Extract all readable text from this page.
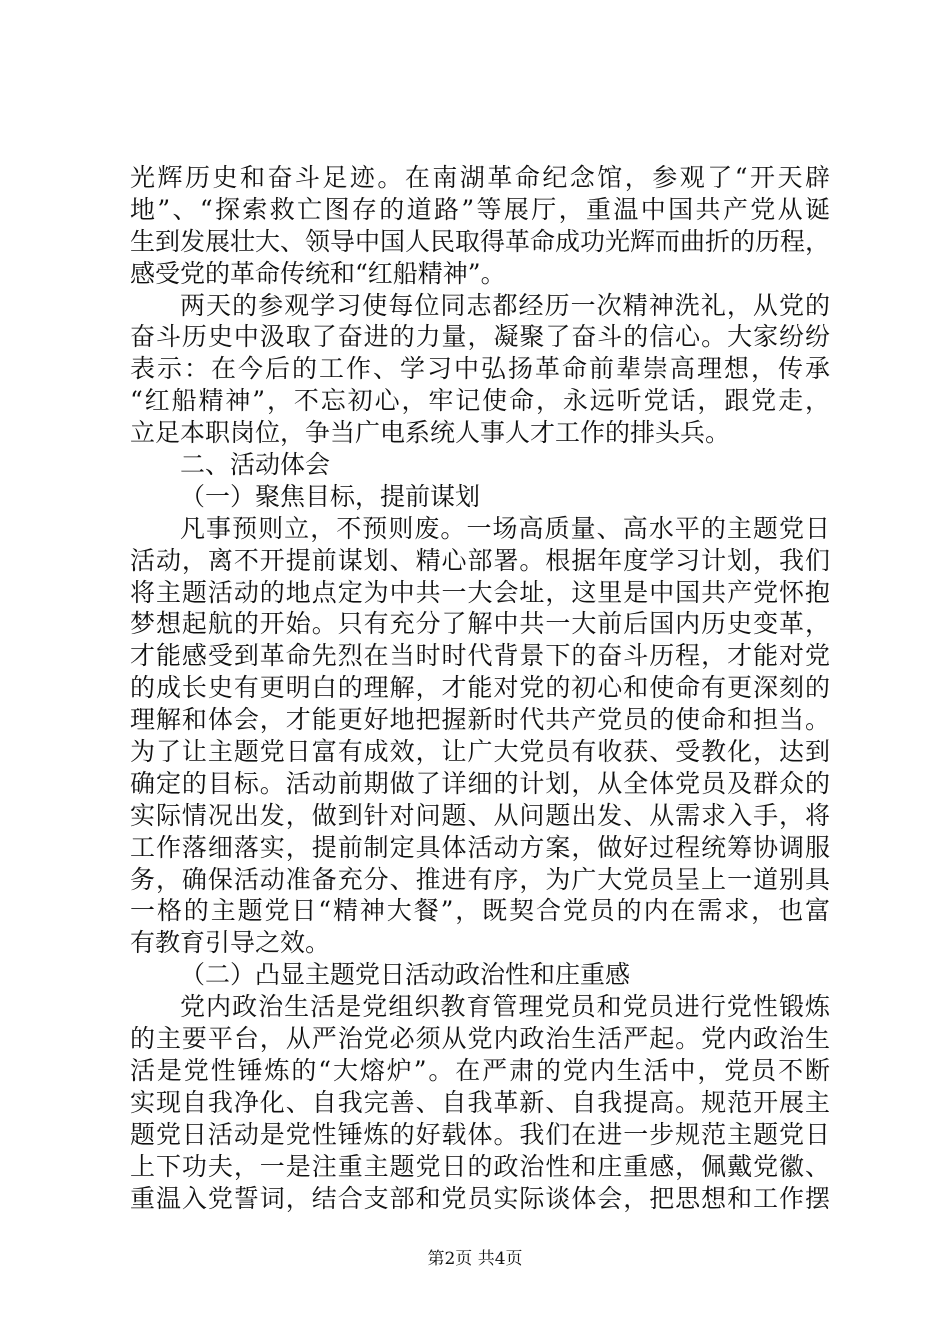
光辉历史和奋斗足迹。在南湖革命纪念馆，参观了“开天辟
地”、“探索救亡图存的道路”等展厅，重温中国共产党从诞
生到发展壮大、领导中国人民取得革命成功光辉而曲折的历程，
感受党的革命传统和“红船精神”。
两天的参观学习使每位同志都经历一次精神洗礼，从党的
奋斗历史中汲取了奋进的力量，凝聚了奋斗的信心。大家纷纷
表示：在今后的工作、学习中弘扬革命前辈崇高理想，传承
“红船精神”，不忘初心，牢记使命，永远听党话，跟党走，
立足本职岗位，争当广电系统人事人才工作的排头兵。
二、活动体会
（一）聚焦目标，提前谋划
凡事预则立，不预则废。一场高质量、高水平的主题党日
活动，离不开提前谋划、精心部署。根据年度学习计划，我们
将主题活动的地点定为中共一大会址，这里是中国共产党怀抱
梦想起航的开始。只有充分了解中共一大前后国内历史变革，
才能感受到革命先烈在当时时代背景下的奋斗历程，才能对党
的成长史有更明白的理解，才能对党的初心和使命有更深刻的
理解和体会，才能更好地把握新时代共产党员的使命和担当。
为了让主题党日富有成效，让广大党员有收获、受教化，达到
确定的目标。活动前期做了详细的计划，从全体党员及群众的
实际情况出发，做到针对问题、从问题出发、从需求入手，将
工作落细落实，提前制定具体活动方案，做好过程统筹协调服
务，确保活动准备充分、推进有序，为广大党员呈上一道别具
一格的主题党日“精神大餐”，既契合党员的内在需求，也富
有教育引导之效。
（二）凸显主题党日活动政治性和庄重感
党内政治生活是党组织教育管理党员和党员进行党性锻炼
的主要平台，从严治党必须从党内政治生活严起。党内政治生
活是党性锤炼的“大熔炉”。在严肃的党内生活中，党员不断
实现自我净化、自我完善、自我革新、自我提高。规范开展主
题党日活动是党性锤炼的好载体。我们在进一步规范主题党日
上下功夫，一是注重主题党日的政治性和庄重感，佩戴党徽、
重温入党誓词，结合支部和党员实际谈体会，把思想和工作摆
第2页 共4页
